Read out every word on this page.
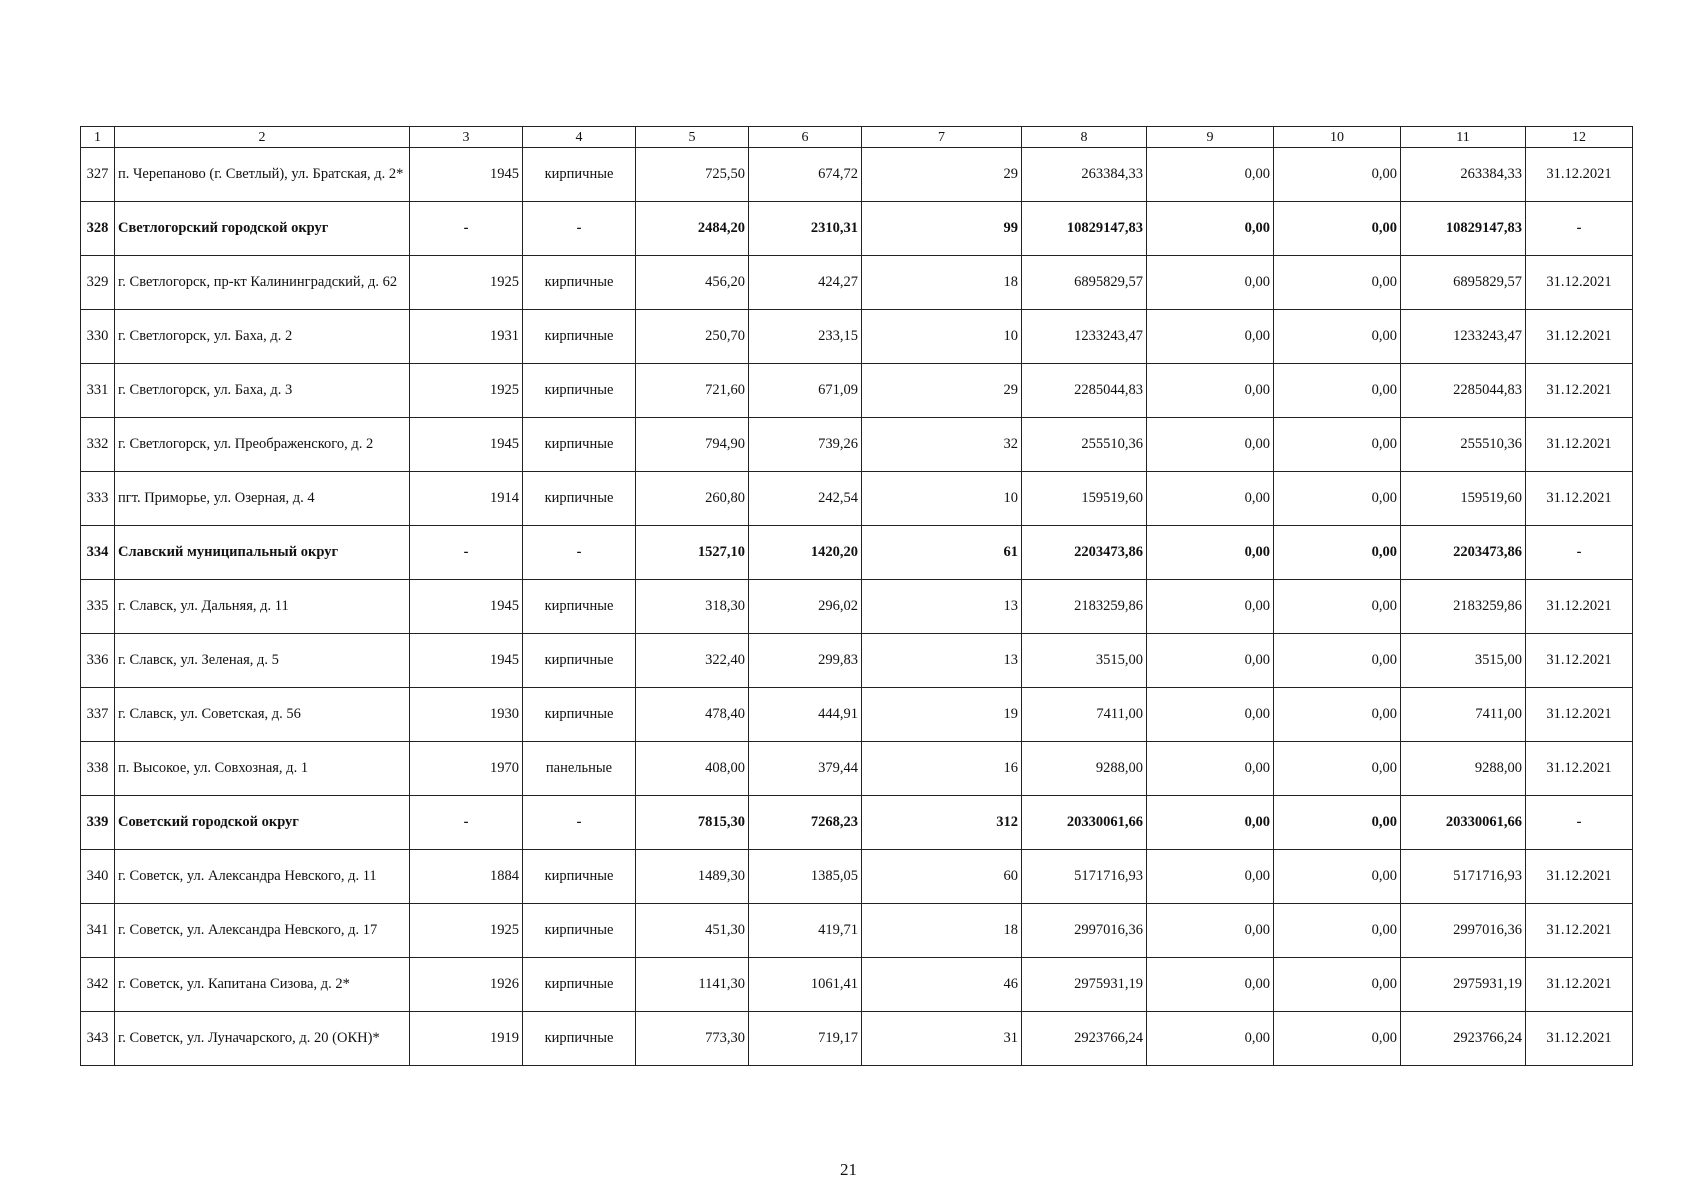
1	2	3	4	5	6	7	8	9	10	11	12
327	п. Черепаново (г. Светлый), ул. Братская, д. 2*	1945	кирпичные	725,50	674,72	29	263384,33	0,00	0,00	263384,33	31.12.2021
328	Светлогорский городской округ	-	-	2484,20	2310,31	99	10829147,83	0,00	0,00	10829147,83	-
329	г. Светлогорск, пр-кт Калининградский, д. 62	1925	кирпичные	456,20	424,27	18	6895829,57	0,00	0,00	6895829,57	31.12.2021
330	г. Светлогорск, ул. Баха, д. 2	1931	кирпичные	250,70	233,15	10	1233243,47	0,00	0,00	1233243,47	31.12.2021
331	г. Светлогорск, ул. Баха, д. 3	1925	кирпичные	721,60	671,09	29	2285044,83	0,00	0,00	2285044,83	31.12.2021
332	г. Светлогорск, ул. Преображенского, д. 2	1945	кирпичные	794,90	739,26	32	255510,36	0,00	0,00	255510,36	31.12.2021
333	пгт. Приморье, ул. Озерная, д. 4	1914	кирпичные	260,80	242,54	10	159519,60	0,00	0,00	159519,60	31.12.2021
334	Славский муниципальный округ	-	-	1527,10	1420,20	61	2203473,86	0,00	0,00	2203473,86	-
335	г. Славск, ул. Дальняя, д. 11	1945	кирпичные	318,30	296,02	13	2183259,86	0,00	0,00	2183259,86	31.12.2021
336	г. Славск, ул. Зеленая, д. 5	1945	кирпичные	322,40	299,83	13	3515,00	0,00	0,00	3515,00	31.12.2021
337	г. Славск, ул. Советская, д. 56	1930	кирпичные	478,40	444,91	19	7411,00	0,00	0,00	7411,00	31.12.2021
338	п. Высокое, ул. Совхозная, д. 1	1970	панельные	408,00	379,44	16	9288,00	0,00	0,00	9288,00	31.12.2021
339	Советский городской округ	-	-	7815,30	7268,23	312	20330061,66	0,00	0,00	20330061,66	-
340	г. Советск, ул. Александра Невского, д. 11	1884	кирпичные	1489,30	1385,05	60	5171716,93	0,00	0,00	5171716,93	31.12.2021
341	г. Советск, ул. Александра Невского, д. 17	1925	кирпичные	451,30	419,71	18	2997016,36	0,00	0,00	2997016,36	31.12.2021
342	г. Советск, ул. Капитана Сизова, д. 2*	1926	кирпичные	1141,30	1061,41	46	2975931,19	0,00	0,00	2975931,19	31.12.2021
343	г. Советск, ул. Луначарского, д. 20 (ОКН)*	1919	кирпичные	773,30	719,17	31	2923766,24	0,00	0,00	2923766,24	31.12.2021
21
